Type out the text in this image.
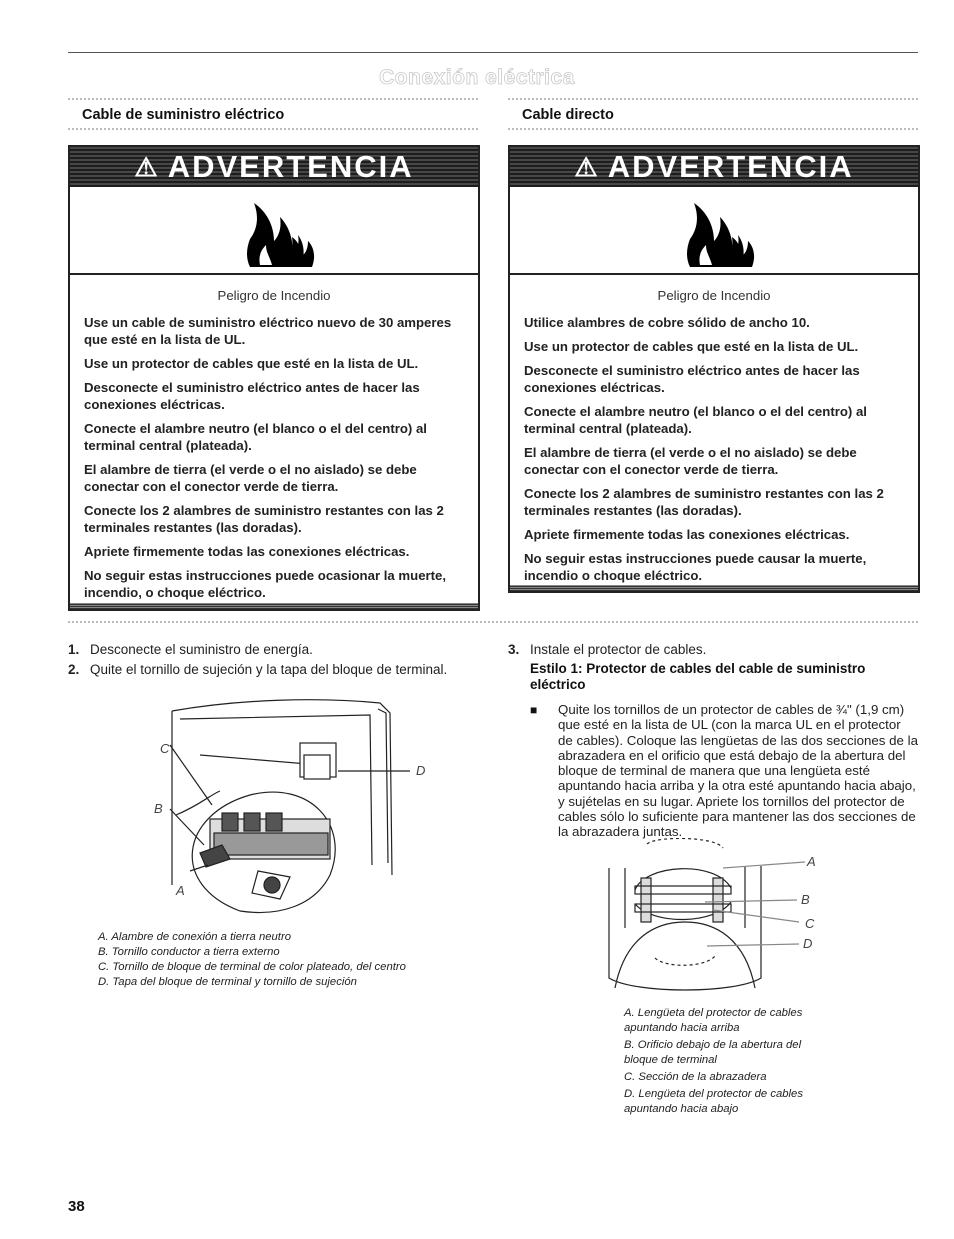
Conexión eléctrica
Cable de suministro eléctrico	Cable directo
⚠ ADVERTENCIA
Peligro de Incendio

Use un cable de suministro eléctrico nuevo de 30 amperes que esté en la lista de UL.

Use un protector de cables que esté en la lista de UL.

Desconecte el suministro eléctrico antes de hacer las conexiones eléctricas.

Conecte el alambre neutro (el blanco o el del centro) al terminal central (plateada).

El alambre de tierra (el verde o el no aislado) se debe conectar con el conector verde de tierra.

Conecte los 2 alambres de suministro restantes con las 2 terminales restantes (las doradas).

Apriete firmemente todas las conexiones eléctricas.

No seguir estas instrucciones puede ocasionar la muerte, incendio, o choque eléctrico.

⚠ ADVERTENCIA
Peligro de Incendio

Utilice alambres de cobre sólido de ancho 10.

Use un protector de cables que esté en la lista de UL.

Desconecte el suministro eléctrico antes de hacer las conexiones eléctricas.

Conecte el alambre neutro (el blanco o el del centro) al terminal central (plateada).

El alambre de tierra (el verde o el no aislado) se debe conectar con el conector verde de tierra.

Conecte los 2 alambres de suministro restantes con las 2 terminales restantes (las doradas).

Apriete firmemente todas las conexiones eléctricas.

No seguir estas instrucciones puede causar la muerte, incendio o choque eléctrico.

1. Desconecte el suministro de energía.
2. Quite el tornillo de sujeción y la tapa del bloque de terminal.
C
B
A
D
A. Alambre de conexión a tierra neutro
B. Tornillo conductor a tierra externo
C. Tornillo de bloque de terminal de color plateado, del centro
D. Tapa del bloque de terminal y tornillo de sujeción
3. Instale el protector de cables.
Estilo 1: Protector de cables del cable de suministro eléctrico
■ Quite los tornillos de un protector de cables de ¾" (1,9 cm) que esté en la lista de UL (con la marca UL en el protector de cables). Coloque las lengüetas de las dos secciones de la abrazadera en el orificio que está debajo de la abertura del bloque de terminal de manera que una lengüeta esté apuntando hacia arriba y la otra esté apuntando hacia abajo, y sujételas en su lugar. Apriete los tornillos del protector de cables sólo lo suficiente para mantener las dos secciones de la abrazadera juntas.
A
B
C
D
A. Lengüeta del protector de cables apuntando hacia arriba
B. Orificio debajo de la abertura del bloque de terminal
C. Sección de la abrazadera
D. Lengüeta del protector de cables apuntando hacia abajo
38
